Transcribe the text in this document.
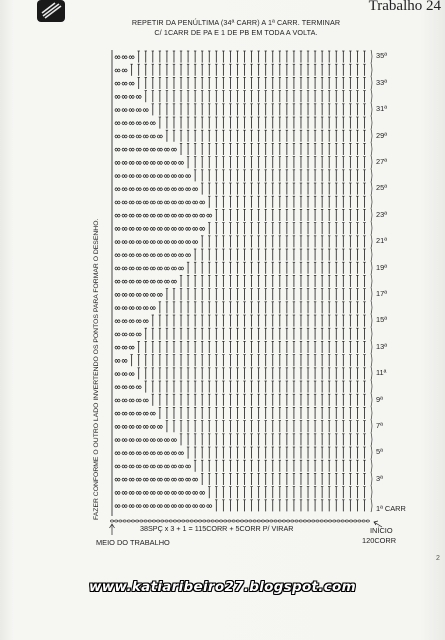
Trabalho 24
REPETIR DA PENÚLTIMA (34ª CARR) A 1ª CARR. TERMINAR
C/ 1CARR DE PA E 1 DE PB EM TODA A VOLTA.
FAZER CONFORME O OUTRO LADO INVERTENDO OS PONTOS PARA FORMAR O DESENHO.
35ª
33ª
31ª
29ª
27ª
25ª
23ª
21ª
19ª
17ª
15ª
13ª
11ª
9ª
7ª
5ª
3ª
1ª CARR
38SPÇ x 3 + 1 = 115CORR + 5CORR P/ VIRAR
MEIO DO TRABALHO
INÍCIO
120CORR
2
www.katiaribeiro27.blogspot.com
